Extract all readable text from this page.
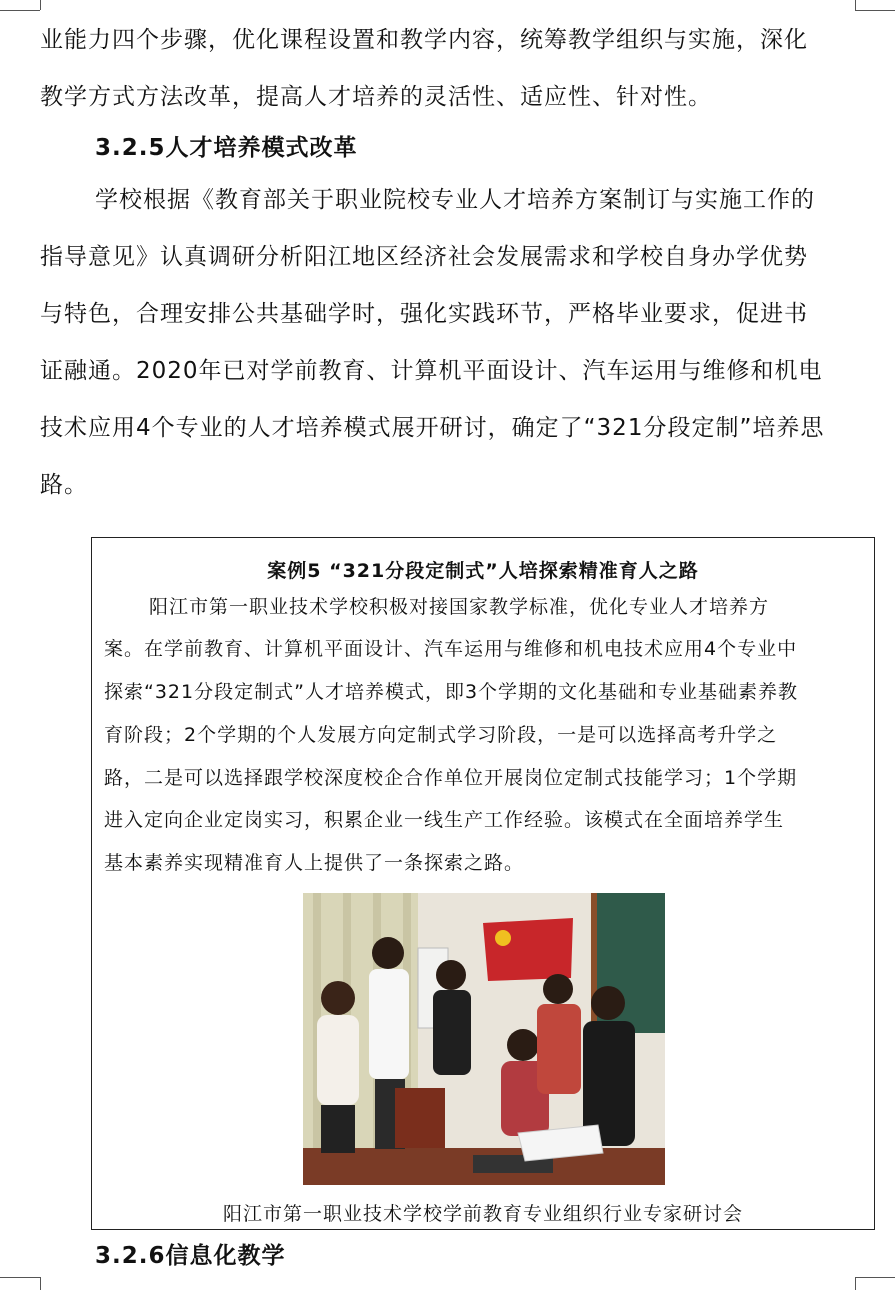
业能力四个步骤，优化课程设置和教学内容，统筹教学组织与实施，深化
教学方式方法改革，提高人才培养的灵活性、适应性、针对性。
3.2.5人才培养模式改革
学校根据《教育部关于职业院校专业人才培养方案制订与实施工作的
指导意见》认真调研分析阳江地区经济社会发展需求和学校自身办学优势
与特色，合理安排公共基础学时，强化实践环节，严格毕业要求，促进书
证融通。2020年已对学前教育、计算机平面设计、汽车运用与维修和机电
技术应用4个专业的人才培养模式展开研讨，确定了“321分段定制”培养思
路。
案例5 “321分段定制式”人培探索精准育人之路
阳江市第一职业技术学校积极对接国家教学标准，优化专业人才培养方
案。在学前教育、计算机平面设计、汽车运用与维修和机电技术应用4个专业中
探索“321分段定制式”人才培养模式，即3个学期的文化基础和专业基础素养教
育阶段；2个学期的个人发展方向定制式学习阶段，一是可以选择高考升学之
路，二是可以选择跟学校深度校企合作单位开展岗位定制式技能学习；1个学期
进入定向企业定岗实习，积累企业一线生产工作经验。该模式在全面培养学生
基本素养实现精准育人上提供了一条探索之路。
阳江市第一职业技术学校学前教育专业组织行业专家研讨会
3.2.6信息化教学
